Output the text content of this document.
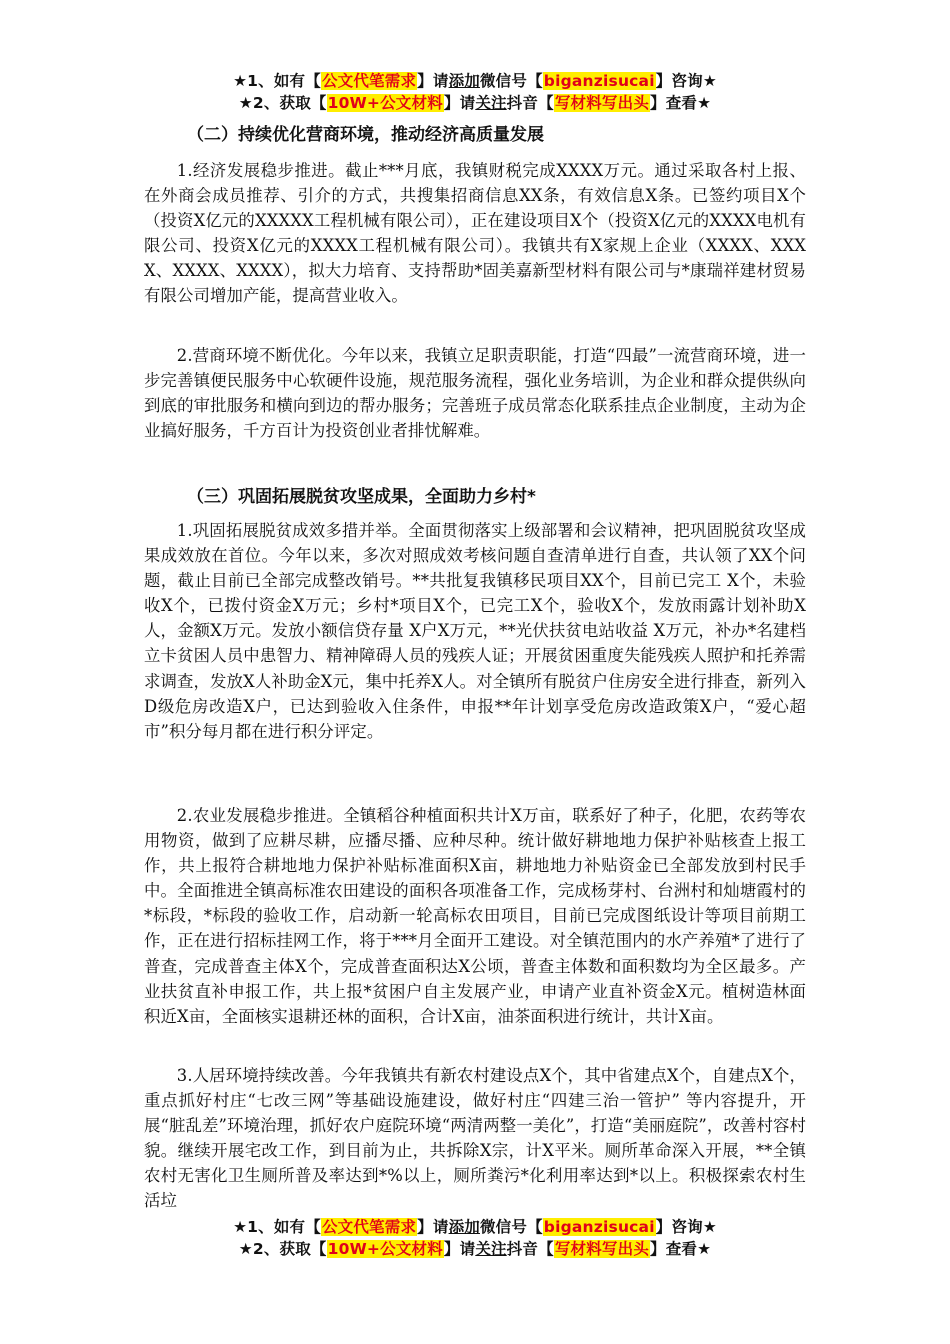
★1、如有【公文代笔需求】请添加微信号【biganzisucai】咨询★
★2、获取【10W+公文材料】请关注抖音【写材料写出头】查看★
（二）持续优化营商环境，推动经济高质量发展
1.经济发展稳步推进。截止***月底，我镇财税完成XXXX万元。通过采取各村上报、在外商会成员推荐、引介的方式，共搜集招商信息XX条，有效信息X条。已签约项目X个（投资X亿元的XXXXX工程机械有限公司），正在建设项目X个（投资X亿元的XXXX电机有限公司、投资X亿元的XXXX工程机械有限公司）。我镇共有X家规上企业（XXXX、XXXX、XXXX、XXXX），拟大力培育、支持帮助*固美嘉新型材料有限公司与*康瑞祥建材贸易有限公司增加产能，提高营业收入。
2.营商环境不断优化。今年以来，我镇立足职责职能，打造“四最”一流营商环境，进一步完善镇便民服务中心软硬件设施，规范服务流程，强化业务培训，为企业和群众提供纵向到底的审批服务和横向到边的帮办服务；完善班子成员常态化联系挂点企业制度，主动为企业搞好服务，千方百计为投资创业者排忧解难。
（三）巩固拓展脱贫攻坚成果，全面助力乡村*
1.巩固拓展脱贫成效多措并举。全面贯彻落实上级部署和会议精神，把巩固脱贫攻坚成果成效放在首位。今年以来，多次对照成效考核问题自查清单进行自查，共认领了XX个问题，截止目前已全部完成整改销号。**共批复我镇移民项目XX个，目前已完工 X个，未验收X个，已拨付资金X万元；乡村*项目X个，已完工X个，验收X个，发放雨露计划补助X人，金额X万元。发放小额信贷存量 X户X万元，**光伏扶贫电站收益 X万元，补办*名建档立卡贫困人员中患智力、精神障碍人员的残疾人证；开展贫困重度失能残疾人照护和托养需求调查，发放X人补助金X元，集中托养X人。对全镇所有脱贫户住房安全进行排查，新列入D级危房改造X户，已达到验收入住条件，申报**年计划享受危房改造政策X户，“爱心超市”积分每月都在进行积分评定。
2.农业发展稳步推进。全镇稻谷种植面积共计X万亩，联系好了种子，化肥，农药等农用物资，做到了应耕尽耕，应播尽播、应种尽种。统计做好耕地地力保护补贴核查上报工作，共上报符合耕地地力保护补贴标准面积X亩，耕地地力补贴资金已全部发放到村民手中。全面推进全镇高标准农田建设的面积各项准备工作，完成杨芽村、台洲村和灿塘霞村的*标段，*标段的验收工作，启动新一轮高标农田项目，目前已完成图纸设计等项目前期工作，正在进行招标挂网工作，将于***月全面开工建设。对全镇范围内的水产养殖*了进行了普查，完成普查主体X个，完成普查面积达X公顷，普查主体数和面积数均为全区最多。产业扶贫直补申报工作，共上报*贫困户自主发展产业，申请产业直补资金X元。植树造林面积近X亩，全面核实退耕还林的面积，合计X亩，油茶面积进行统计，共计X亩。
3.人居环境持续改善。今年我镇共有新农村建设点X个，其中省建点X个，自建点X个，重点抓好村庄“七改三网”等基础设施建设，做好村庄“四建三治一管护” 等内容提升，开展“脏乱差”环境治理，抓好农户庭院环境“两清两整一美化”，打造“美丽庭院”，改善村容村貌。继续开展宅改工作，到目前为止，共拆除X宗，计X平米。厕所革命深入开展，**全镇农村无害化卫生厕所普及率达到*%以上，厕所粪污*化利用率达到*以上。积极探索农村生活垃
★1、如有【公文代笔需求】请添加微信号【biganzisucai】咨询★
★2、获取【10W+公文材料】请关注抖音【写材料写出头】查看★
